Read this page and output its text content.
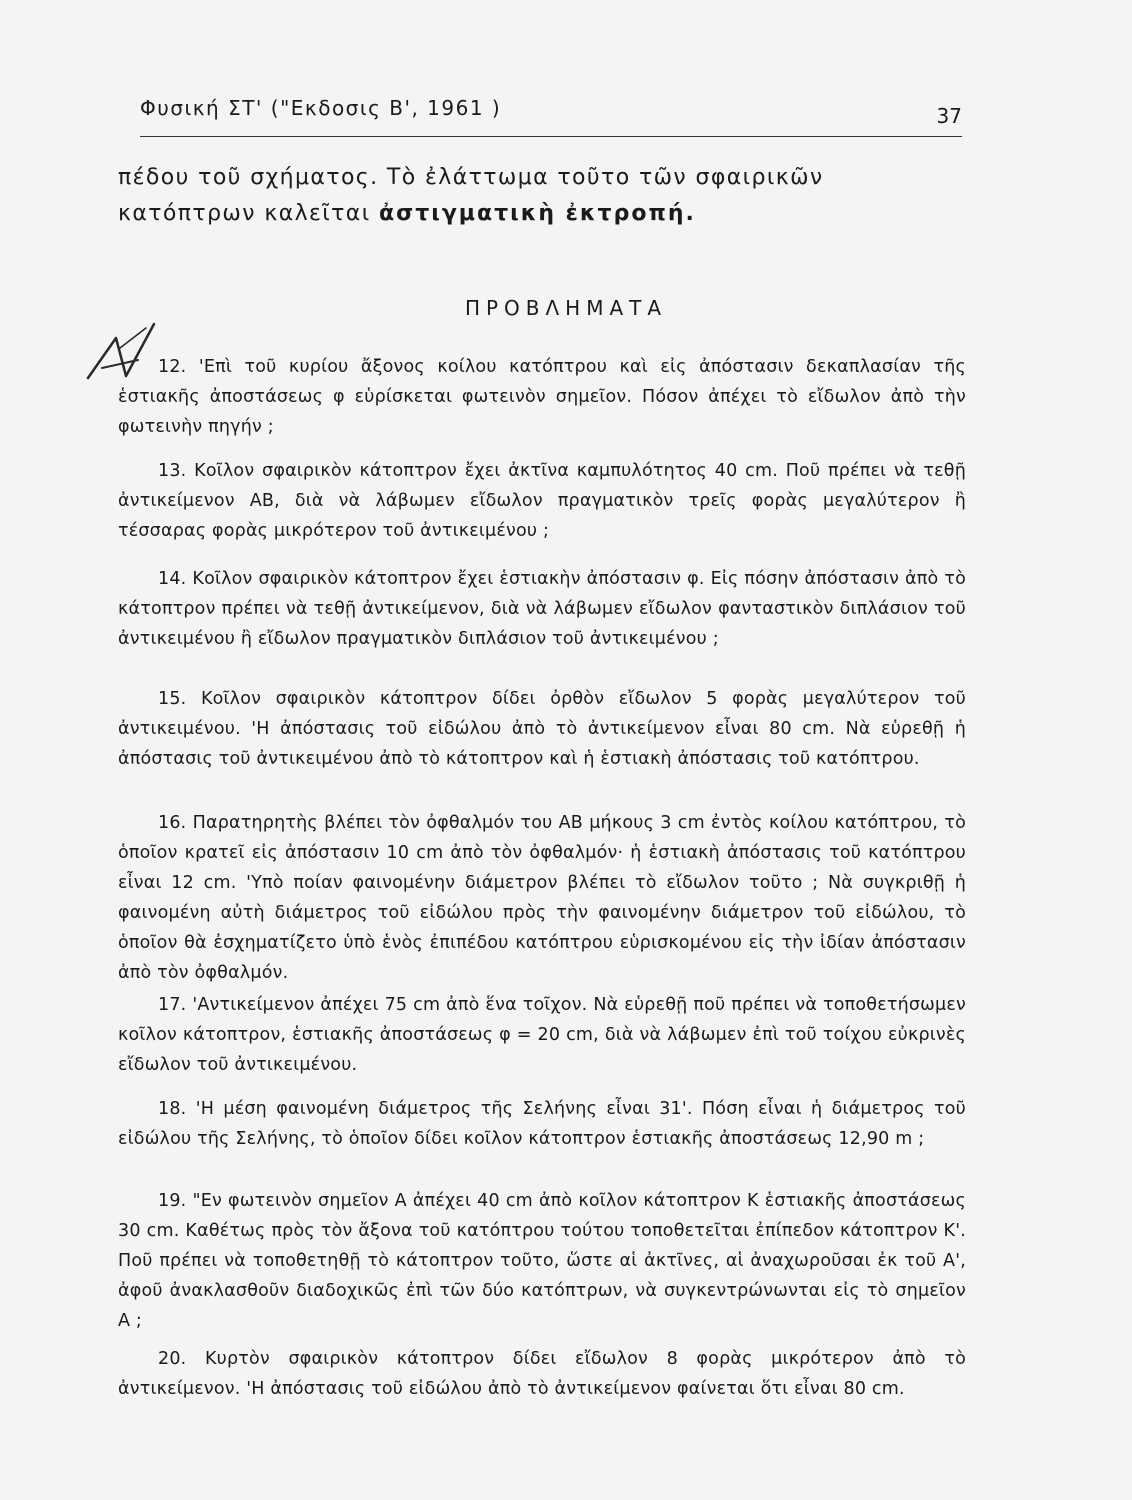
Φυσική ΣΤ' ("Εκδοσις Β', 1961 )	37
πέδου τοῦ σχήματος. Τὸ ἐλάττωμα τοῦτο τῶν σφαιρικῶν κατόπτρων καλεῖται ἀστιγματικὴ ἐκτροπή.
ΠΡΟΒΛΗΜΑΤΑ

12. 'Επὶ τοῦ κυρίου ἄξονος κοίλου κατόπτρου καὶ εἰς ἀπόστασιν δεκαπλασίαν τῆς ἑστιακῆς ἀποστάσεως φ εὑρίσκεται φωτεινὸν σημεῖον. Πόσον ἀπέχει τὸ εἴδωλον ἀπὸ τὴν φωτεινὴν πηγήν ;

13. Κοῖλον σφαιρικὸν κάτοπτρον ἔχει ἀκτῖνα καμπυλότητος 40 cm. Ποῦ πρέπει νὰ τεθῇ ἀντικείμενον ΑΒ, διὰ νὰ λάβωμεν εἴδωλον πραγματικὸν τρεῖς φορὰς μεγαλύτερον ἢ τέσσαρας φορὰς μικρότερον τοῦ ἀντικειμένου ;

14. Κοῖλον σφαιρικὸν κάτοπτρον ἔχει ἑστιακὴν ἀπόστασιν φ. Εἰς πόσην ἀπόστασιν ἀπὸ τὸ κάτοπτρον πρέπει νὰ τεθῇ ἀντικείμενον, διὰ νὰ λάβωμεν εἴδωλον φανταστικὸν διπλάσιον τοῦ ἀντικειμένου ἢ εἴδωλον πραγματικὸν διπλάσιον τοῦ ἀντικειμένου ;

15. Κοῖλον σφαιρικὸν κάτοπτρον δίδει ὀρθὸν εἴδωλον 5 φορὰς μεγαλύτερον τοῦ ἀντικειμένου. 'Η ἀπόστασις τοῦ εἰδώλου ἀπὸ τὸ ἀντικείμενον εἶναι 80 cm. Νὰ εὑρεθῇ ἡ ἀπόστασις τοῦ ἀντικειμένου ἀπὸ τὸ κάτοπτρον καὶ ἡ ἑστιακὴ ἀπόστασις τοῦ κατόπτρου.

16. Παρατηρητὴς βλέπει τὸν ὀφθαλμόν του ΑΒ μήκους 3 cm ἐντὸς κοίλου κατόπτρου, τὸ ὁποῖον κρατεῖ εἰς ἀπόστασιν 10 cm ἀπὸ τὸν ὀφθαλμόν· ἡ ἑστιακὴ ἀπόστασις τοῦ κατόπτρου εἶναι 12 cm. 'Υπὸ ποίαν φαινομένην διάμετρον βλέπει τὸ εἴδωλον τοῦτο ; Νὰ συγκριθῇ ἡ φαινομένη αὐτὴ διάμετρος τοῦ εἰδώλου πρὸς τὴν φαινομένην διάμετρον τοῦ εἰδώλου, τὸ ὁποῖον θὰ ἐσχηματίζετο ὑπὸ ἑνὸς ἐπιπέδου κατόπτρου εὑρισκομένου εἰς τὴν ἰδίαν ἀπόστασιν ἀπὸ τὸν ὀφθαλμόν.

17. 'Αντικείμενον ἀπέχει 75 cm ἀπὸ ἕνα τοῖχον. Νὰ εὑρεθῇ ποῦ πρέπει νὰ τοποθετήσωμεν κοῖλον κάτοπτρον, ἑστιακῆς ἀποστάσεως φ = 20 cm, διὰ νὰ λάβωμεν ἐπὶ τοῦ τοίχου εὐκρινὲς εἴδωλον τοῦ ἀντικειμένου.

18. 'Η μέση φαινομένη διάμετρος τῆς Σελήνης εἶναι 31'. Πόση εἶναι ἡ διάμετρος τοῦ εἰδώλου τῆς Σελήνης, τὸ ὁποῖον δίδει κοῖλον κάτοπτρον ἑστιακῆς ἀποστάσεως 12,90 m ;

19. "Εν φωτεινὸν σημεῖον Α ἀπέχει 40 cm ἀπὸ κοῖλον κάτοπτρον Κ ἑστιακῆς ἀποστάσεως 30 cm. Καθέτως πρὸς τὸν ἄξονα τοῦ κατόπτρου τούτου τοποθετεῖται ἐπίπεδον κάτοπτρον Κ'. Ποῦ πρέπει νὰ τοποθετηθῇ τὸ κάτοπτρον τοῦτο, ὥστε αἱ ἀκτῖνες, αἱ ἀναχωροῦσαι ἐκ τοῦ Α', ἀφοῦ ἀνακλασθοῦν διαδοχικῶς ἐπὶ τῶν δύο κατόπτρων, νὰ συγκεντρώνωνται εἰς τὸ σημεῖον Α ;

20. Κυρτὸν σφαιρικὸν κάτοπτρον δίδει εἴδωλον 8 φορὰς μικρότερον ἀπὸ τὸ ἀντικείμενον. 'Η ἀπόστασις τοῦ εἰδώλου ἀπὸ τὸ ἀντικείμενον φαίνεται ὅτι εἶναι 80 cm.
